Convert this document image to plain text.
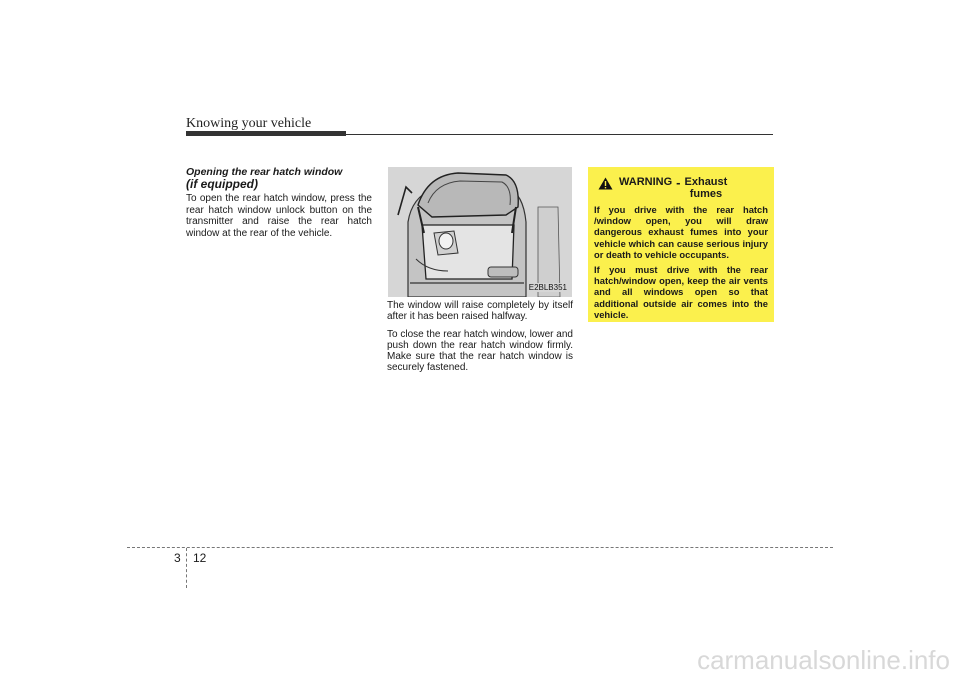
Knowing your vehicle
Opening the rear hatch window
(if equipped)

To open the rear hatch window, press the rear hatch window unlock button on the transmitter and raise the rear hatch window at the rear of the vehicle.

E2BLB351

The window will raise completely by itself after it has been raised halfway.

To close the rear hatch window, lower and push down the rear hatch window firmly. Make sure that the rear hatch window is securely fastened.

WARNING - Exhaust
fumes

If you drive with the rear hatch /window open, you will draw dangerous exhaust fumes into your vehicle which can cause serious injury or death to vehicle occupants.

If you must drive with the rear hatch/window open, keep the air vents and all windows open so that additional outside air comes into the vehicle.

3 12
carmanualsonline.info
